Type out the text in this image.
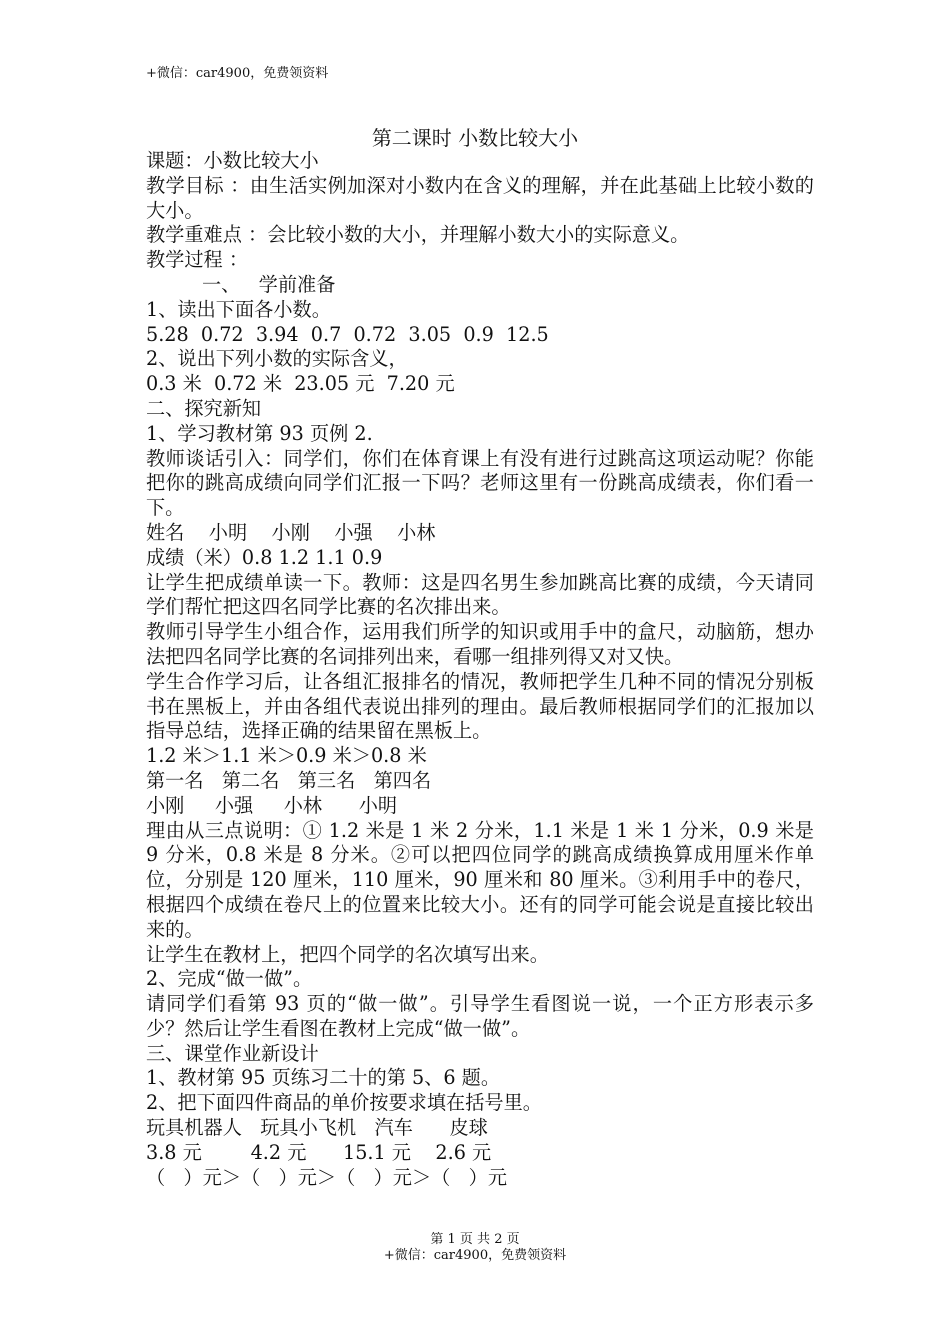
+微信：car4900，免费领资料
第二课时 小数比较大小

课题：小数比较大小

教学目标 ：由生活实例加深对小数内在含义的理解，并在此基础上比较小数的大小。

教学重难点 ：会比较小数的大小，并理解小数大小的实际意义。

教学过程 ：

一、   学前准备

1、读出下面各小数。

5.28  0.72  3.94  0.7  0.72  3.05  0.9  12.5

2、说出下列小数的实际含义，

0.3 米  0.72 米  23.05 元  7.20 元

二、探究新知

1、学习教材第 93 页例 2.

教师谈话引入：同学们，你们在体育课上有没有进行过跳高这项运动呢？你能把你的跳高成绩向同学们汇报一下吗？老师这里有一份跳高成绩表，你们看一下。

姓名    小明    小刚    小强    小林

成绩（米）0.8 1.2 1.1 0.9

让学生把成绩单读一下。教师：这是四名男生参加跳高比赛的成绩，今天请同学们帮忙把这四名同学比赛的名次排出来。

教师引导学生小组合作，运用我们所学的知识或用手中的盒尺，动脑筋，想办法把四名同学比赛的名词排列出来，看哪一组排列得又对又快。

学生合作学习后，让各组汇报排名的情况，教师把学生几种不同的情况分别板书在黑板上，并由各组代表说出排列的理由。最后教师根据同学们的汇报加以指导总结，选择正确的结果留在黑板上。

1.2 米＞1.1 米＞0.9 米＞0.8 米

第一名   第二名   第三名   第四名

小刚     小强     小林      小明

理由从三点说明：① 1.2 米是 1 米 2 分米，1.1 米是 1 米 1 分米，0.9 米是 9 分米，0.8 米是 8 分米。②可以把四位同学的跳高成绩换算成用厘米作单位，分别是 120 厘米，110 厘米，90 厘米和 80 厘米。③利用手中的卷尺，根据四个成绩在卷尺上的位置来比较大小。还有的同学可能会说是直接比较出来的。

让学生在教材上，把四个同学的名次填写出来。

2、完成“做一做”。

请同学们看第 93 页的“做一做”。引导学生看图说一说，一个正方形表示多少？然后让学生看图在教材上完成“做一做”。

三、课堂作业新设计

1、教材第 95 页练习二十的第 5、6 题。

2、把下面四件商品的单价按要求填在括号里。

玩具机器人   玩具小飞机   汽车      皮球

3.8 元        4.2 元      15.1 元    2.6 元

（   ）元＞（   ）元＞（   ）元＞（   ）元

第 1 页 共 2 页
+微信：car4900，免费领资料
